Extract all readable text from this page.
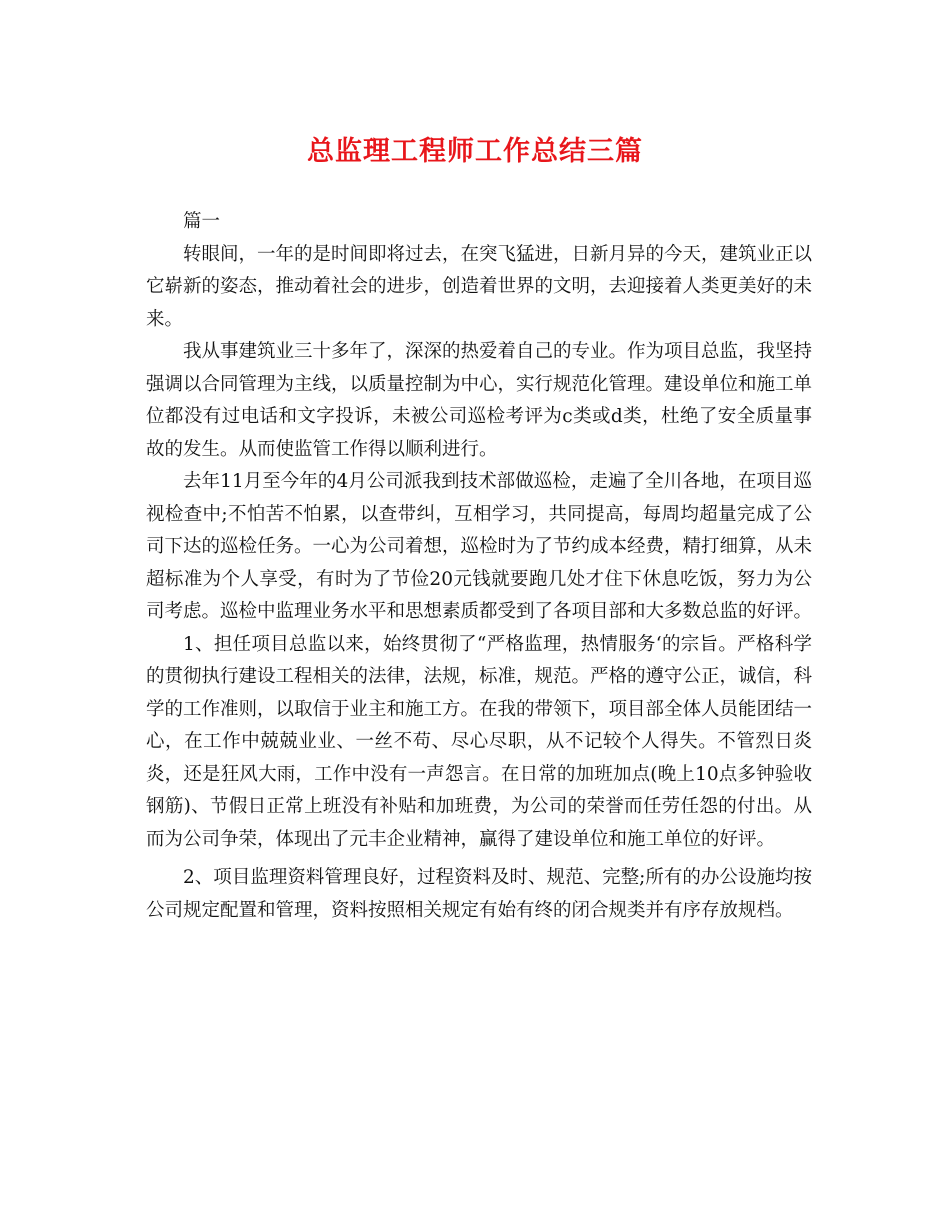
总监理工程师工作总结三篇

篇一

转眼间，一年的是时间即将过去，在突飞猛进，日新月异的今天，建筑业正以它崭新的姿态，推动着社会的进步，创造着世界的文明，去迎接着人类更美好的未来。

我从事建筑业三十多年了，深深的热爱着自己的专业。作为项目总监，我坚持强调以合同管理为主线，以质量控制为中心，实行规范化管理。建设单位和施工单位都没有过电话和文字投诉，未被公司巡检考评为c类或d类，杜绝了安全质量事故的发生。从而使监管工作得以顺利进行。

去年11月至今年的4月公司派我到技术部做巡检，走遍了全川各地，在项目巡视检查中;不怕苦不怕累，以查带纠，互相学习，共同提高，每周均超量完成了公司下达的巡检任务。一心为公司着想，巡检时为了节约成本经费，精打细算，从未超标准为个人享受，有时为了节俭20元钱就要跑几处才住下休息吃饭，努力为公司考虑。巡检中监理业务水平和思想素质都受到了各项目部和大多数总监的好评。

1、担任项目总监以来，始终贯彻了“严格监理，热情服务‘的宗旨。严格科学的贯彻执行建设工程相关的法律，法规，标准，规范。严格的遵守公正，诚信，科学的工作准则，以取信于业主和施工方。在我的带领下，项目部全体人员能团结一心，在工作中兢兢业业、一丝不苟、尽心尽职，从不记较个人得失。不管烈日炎炎，还是狂风大雨，工作中没有一声怨言。在日常的加班加点(晚上10点多钟验收钢筋)、节假日正常上班没有补贴和加班费，为公司的荣誉而任劳任怨的付出。从而为公司争荣，体现出了元丰企业精神，赢得了建设单位和施工单位的好评。

2、项目监理资料管理良好，过程资料及时、规范、完整;所有的办公设施均按公司规定配置和管理，资料按照相关规定有始有终的闭合规类并有序存放规档。
